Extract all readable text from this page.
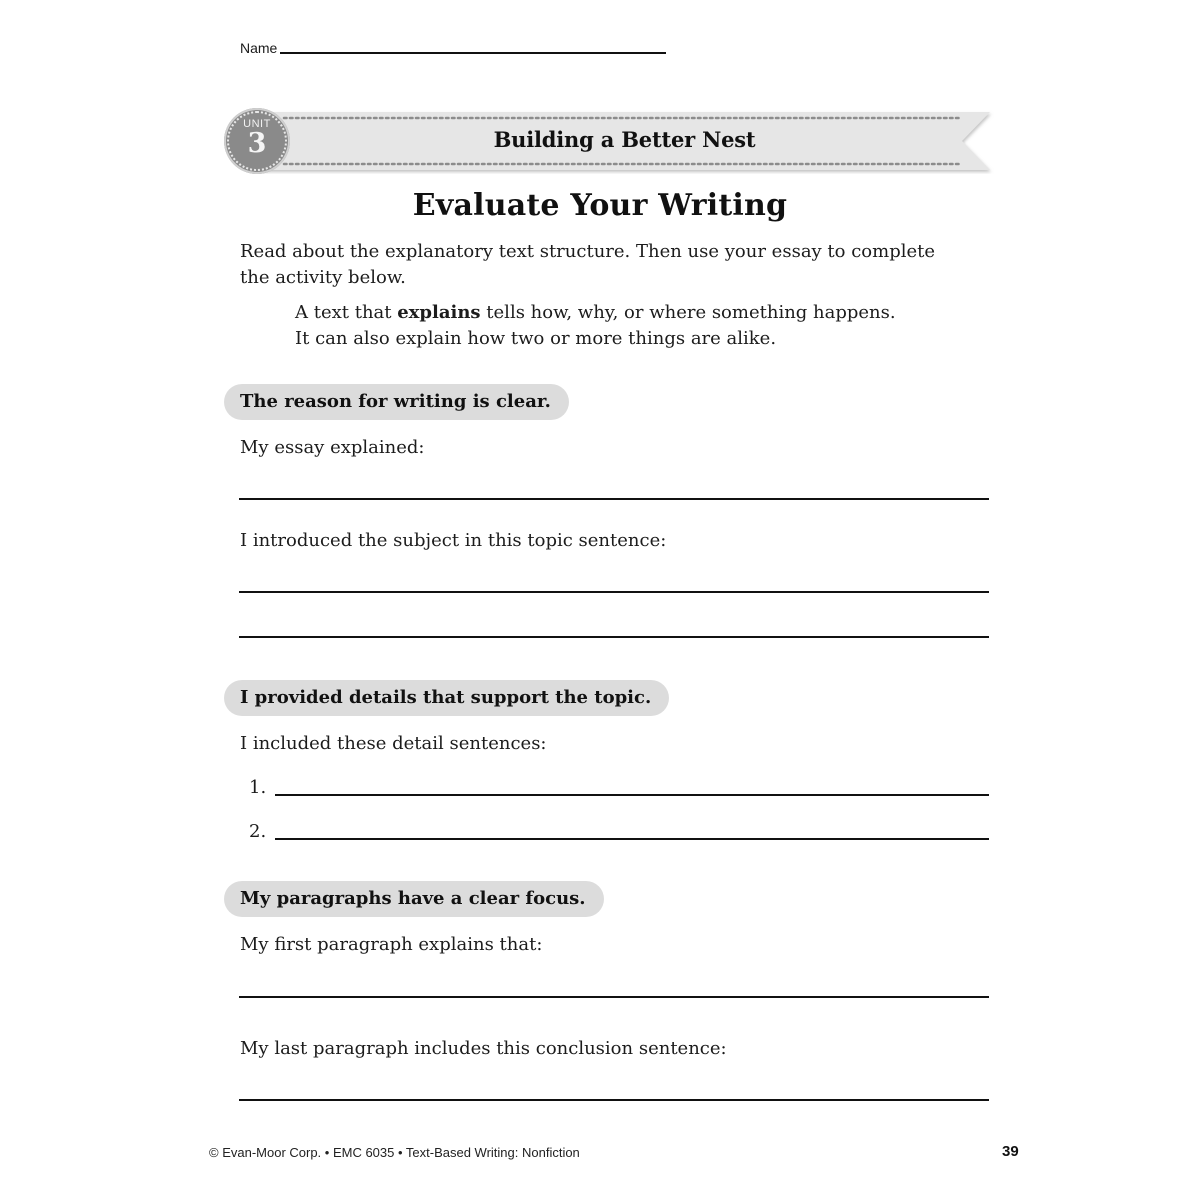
Name
UNIT
3	Building a Better Nest
Evaluate Your Writing
Read about the explanatory text structure. Then use your essay to complete the activity below.
A text that explains tells how, why, or where something happens.
It can also explain how two or more things are alike.
The reason for writing is clear.
My essay explained:
I introduced the subject in this topic sentence:
I provided details that support the topic.
I included these detail sentences:
1.
2.
My paragraphs have a clear focus.
My first paragraph explains that:
My last paragraph includes this conclusion sentence:
© Evan-Moor Corp. • EMC 6035 • Text-Based Writing: Nonfiction	39
